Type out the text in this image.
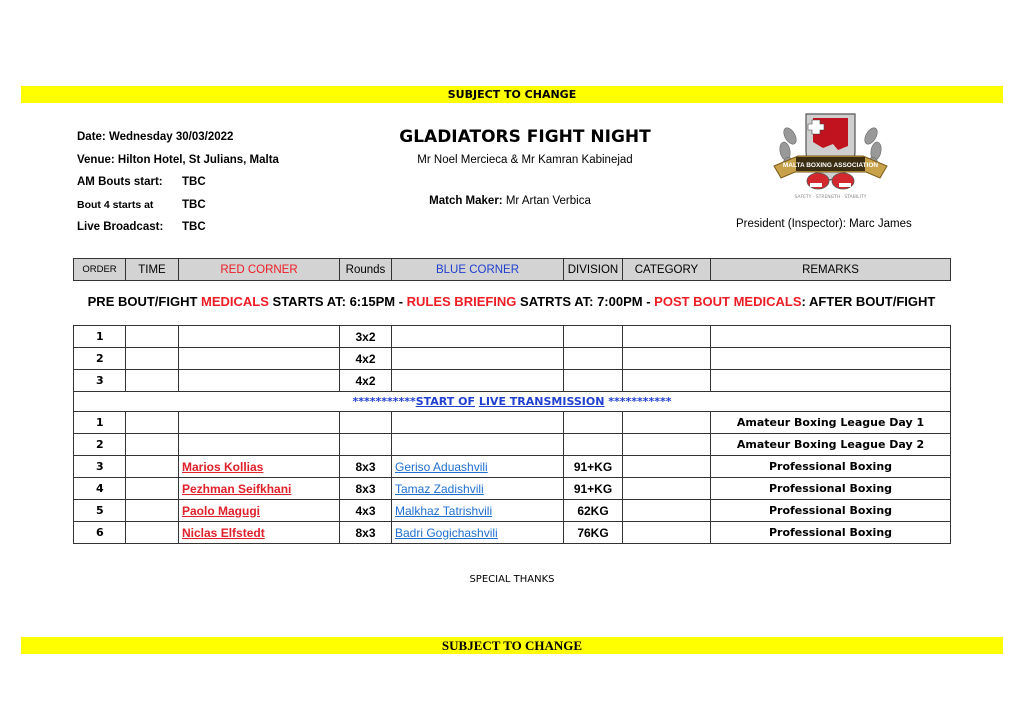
SUBJECT TO CHANGE
Date: Wednesday 30/03/2022
Venue: Hilton Hotel, St Julians, Malta
AM Bouts start: TBC
Bout 4 starts at TBC
Live Broadcast: TBC
GLADIATORS FIGHT NIGHT
Mr Noel Mercieca & Mr Kamran Kabinejad
Match Maker: Mr Artan Verbica
President (Inspector): Marc James
MALTA BOXING ASSOCIATION
SAFETY · STRENGTH · STABILITY
ORDER	TIME	RED CORNER	Rounds	BLUE CORNER	DIVISION	CATEGORY	REMARKS
PRE BOUT/FIGHT MEDICALS STARTS AT: 6:15PM - RULES BRIEFING SATRTS AT: 7:00PM - POST BOUT MEDICALS: AFTER BOUT/FIGHT
1			3x2				
2			4x2				
3			4x2				
***********START OF LIVE TRANSMISSION ***********							
1							Amateur Boxing League Day 1
2							Amateur Boxing League Day 2
3		Marios Kollias	8x3	Geriso Aduashvili	91+KG		Professional Boxing
4		Pezhman Seifkhani	8x3	Tamaz Zadishvili	91+KG		Professional Boxing
5		Paolo Magugi	4x3	Malkhaz Tatrishvili	62KG		Professional Boxing
6		Niclas Elfstedt	8x3	Badri Gogichashvili	76KG		Professional Boxing
SPECIAL THANKS
SUBJECT TO CHANGE
